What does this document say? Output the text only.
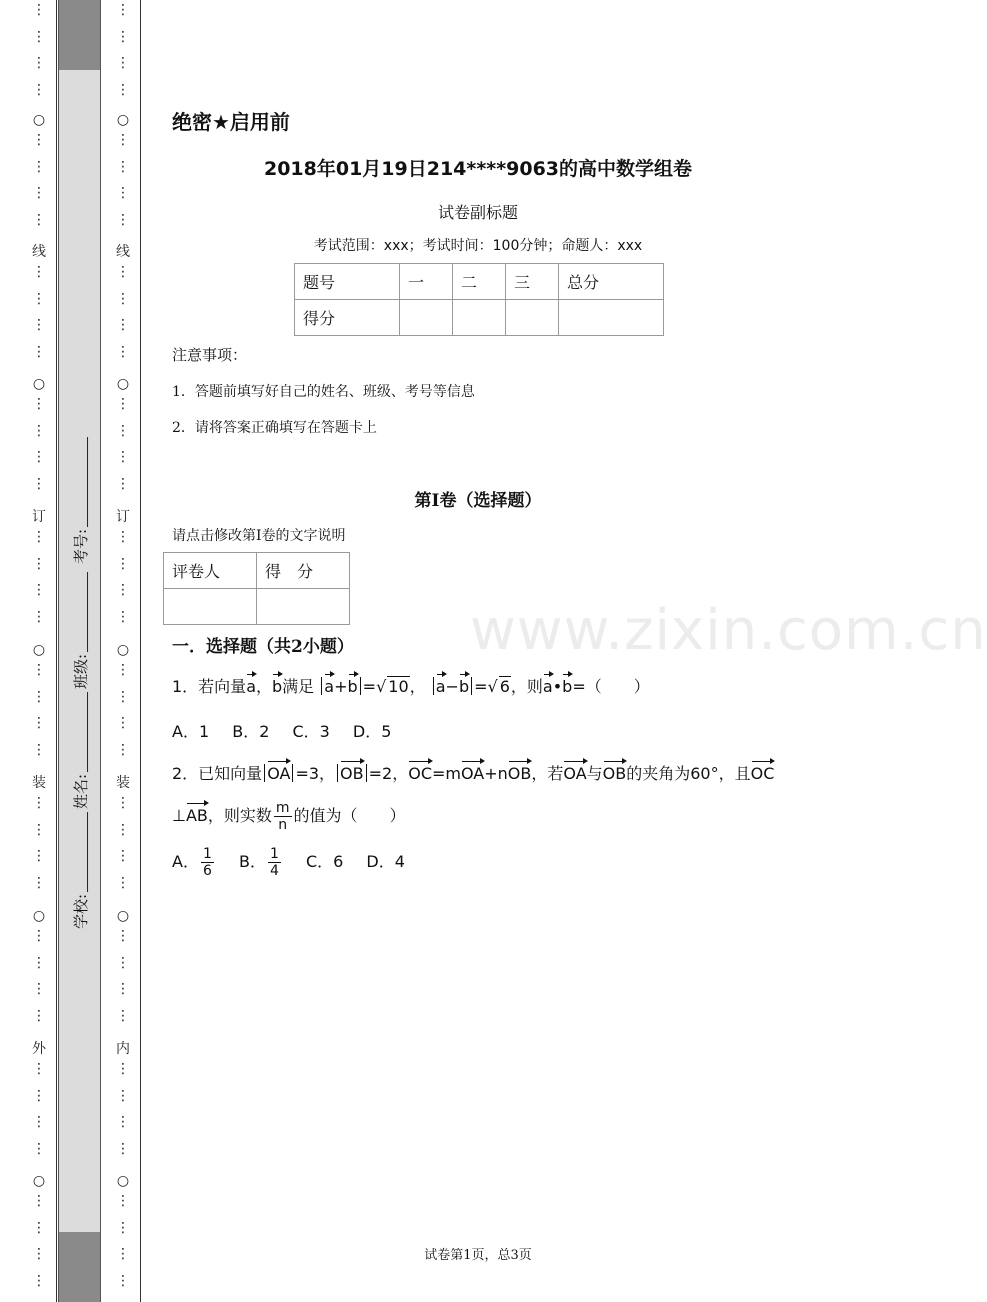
⋮
⋮
⋮
⋮
○
⋮
⋮
⋮
⋮
线
⋮
⋮
⋮
⋮
○
⋮
⋮
⋮
⋮
订
⋮
⋮
⋮
⋮
○
⋮
⋮
⋮
⋮
装
⋮
⋮
⋮
⋮
○
⋮
⋮
⋮
⋮
外
⋮
⋮
⋮
⋮
○
⋮
⋮
⋮
⋮
学校:
姓名:
班级:
考号:
⋮
⋮
⋮
⋮
○
⋮
⋮
⋮
⋮
线
⋮
⋮
⋮
⋮
○
⋮
⋮
⋮
⋮
订
⋮
⋮
⋮
⋮
○
⋮
⋮
⋮
⋮
装
⋮
⋮
⋮
⋮
○
⋮
⋮
⋮
⋮
内
⋮
⋮
⋮
⋮
○
⋮
⋮
⋮
⋮
www.zixin.com.cn
绝密★启用前
2018年01月19日214****9063的高中数学组卷
试卷副标题
考试范围：xxx；考试时间：100分钟；命题人：xxx
题号	一	二	三	总分
得分				
注意事项：
1．答题前填写好自己的姓名、班级、考号等信息
2．请将答案正确填写在答题卡上
第Ⅰ卷（选择题）
请点击修改第Ⅰ卷的文字说明
评卷人	得　分

一．选择题（共2小题）
1．若向量a，b满足 a+b =√ 10， a−b =√ 6，则a•b=（　　）
A．1　 B．2　 C．3　 D．5
2．已知向量 OA =3， OB =2，OC=mOA+nOB，若OA与OB的夹角为60°，且OC
⊥AB，则实数 $\frac{m}{n}$ 的值为（　　）
A． $\frac{1}{6}$
　 B． $\frac{1}{4}$
　 C．6　 D．4
试卷第1页，总3页
